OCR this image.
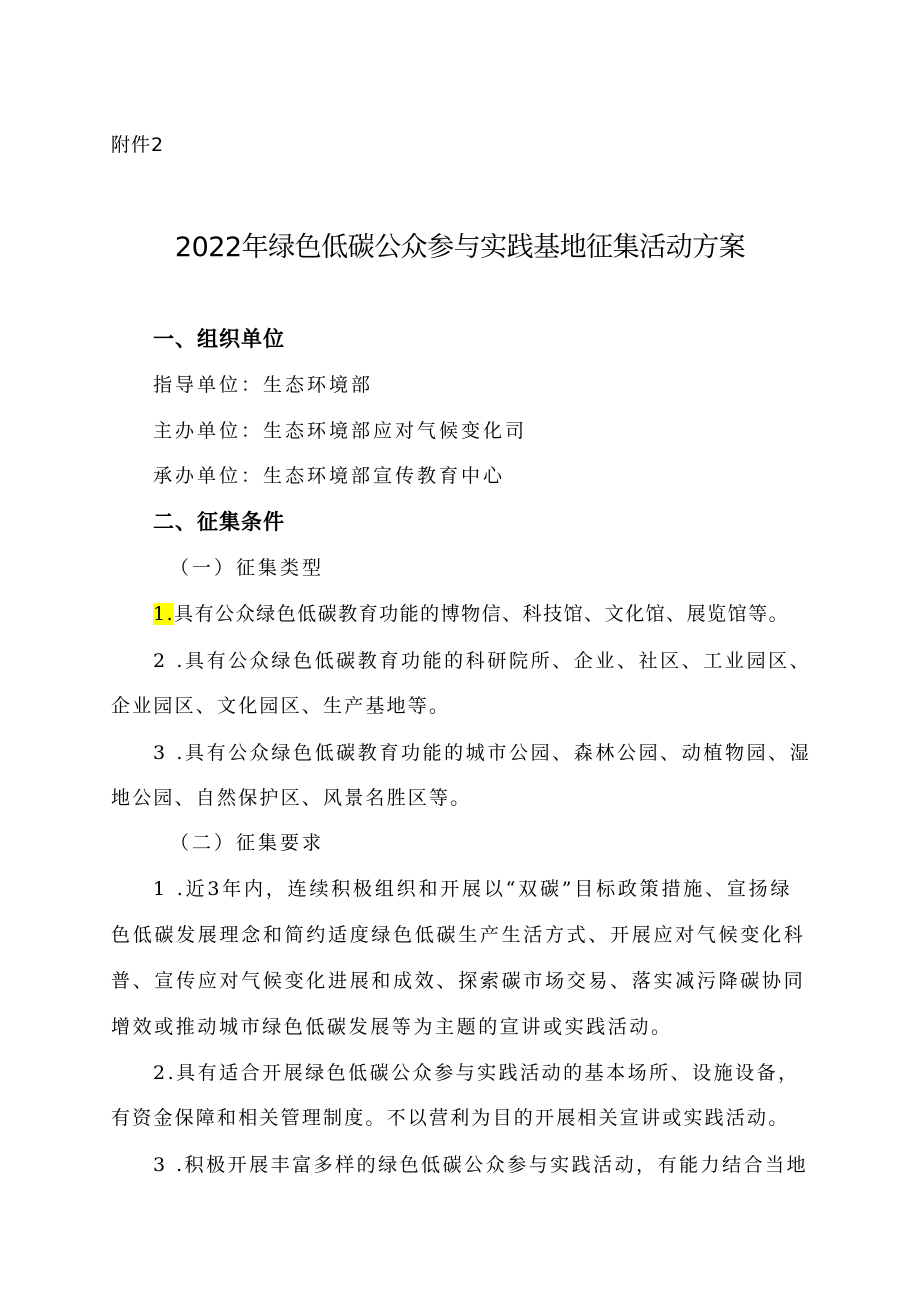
附件2
2022年绿色低碳公众参与实践基地征集活动方案
一、组织单位
指导单位：生态环境部
主办单位：生态环境部应对气候变化司
承办单位：生态环境部宣传教育中心
二、征集条件
（一）征集类型
1.具有公众绿色低碳教育功能的博物信、科技馆、文化馆、展览馆等。
2 .具有公众绿色低碳教育功能的科研院所、企业、社区、工业园区、
企业园区、文化园区、生产基地等。
3 .具有公众绿色低碳教育功能的城市公园、森林公园、动植物园、湿
地公园、自然保护区、风景名胜区等。
（二）征集要求
1 .近3年内，连续积极组织和开展以“双碳”目标政策措施、宣扬绿
色低碳发展理念和简约适度绿色低碳生产生活方式、开展应对气候变化科
普、宣传应对气候变化进展和成效、探索碳市场交易、落实减污降碳协同
增效或推动城市绿色低碳发展等为主题的宣讲或实践活动。
2.具有适合开展绿色低碳公众参与实践活动的基本场所、设施设备，
有资金保障和相关管理制度。不以营利为目的开展相关宣讲或实践活动。
3 .积极开展丰富多样的绿色低碳公众参与实践活动，有能力结合当地
